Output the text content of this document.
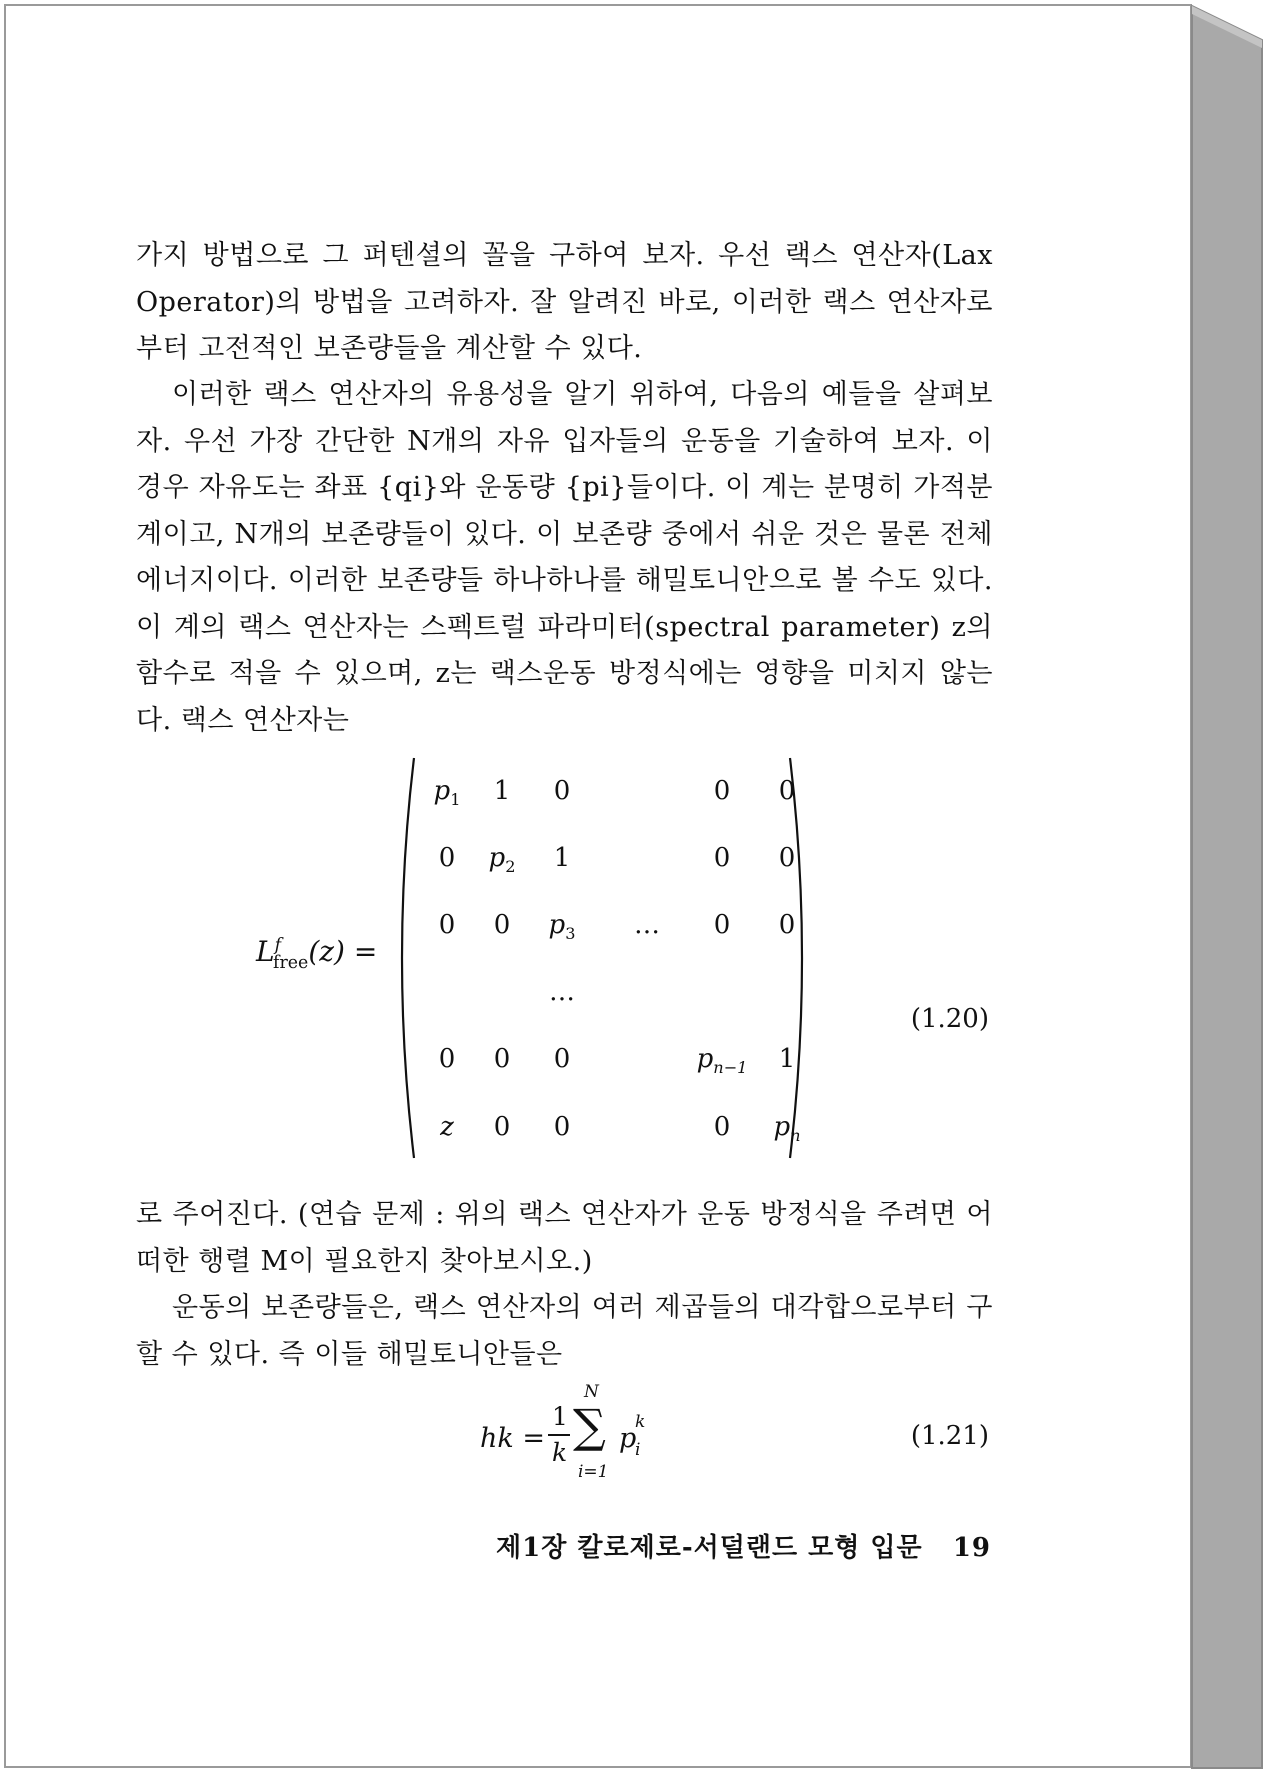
가지 방법으로 그 퍼텐셜의 꼴을 구하여 보자. 우선 랙스 연산자(Lax Operator)의 방법을 고려하자. 잘 알려진 바로, 이러한 랙스 연산자로부터 고전적인 보존량들을 계산할 수 있다.

이러한 랙스 연산자의 유용성을 알기 위하여, 다음의 예들을 살펴보자. 우선 가장 간단한 N개의 자유 입자들의 운동을 기술하여 보자. 이 경우 자유도는 좌표 {qi}와 운동량 {pi}들이다. 이 계는 분명히 가적분계이고, N개의 보존량들이 있다. 이 보존량 중에서 쉬운 것은 물론 전체 에너지이다. 이러한 보존량들 하나하나를 해밀토니안으로 볼 수도 있다. 이 계의 랙스 연산자는 스펙트럴 파라미터(spectral parameter) z의 함수로 적을 수 있으며, z는 랙스운동 방정식에는 영향을 미치지 않는다. 랙스 연산자는

$L^f_{free}(z)$ =
$p_1$	1	0	0	0
0	$p_2$	1	0	0
0	0	$p_3$	…	0	0
…
0	0	0	$p_{n-1}$	1
z	0	0	0	$p_n$
(1.20)

로 주어진다. (연습 문제 : 위의 랙스 연산자가 운동 방정식을 주려면 어떠한 행렬 M이 필요한지 찾아보시오.)

운동의 보존량들은, 랙스 연산자의 여러 제곱들의 대각합으로부터 구할 수 있다. 즉 이들 해밀토니안들은

hk =
1
k
N
∑
i=1
p
k
i	(1.21)
제1장 칼로제로-서덜랜드 모형 입문 19
